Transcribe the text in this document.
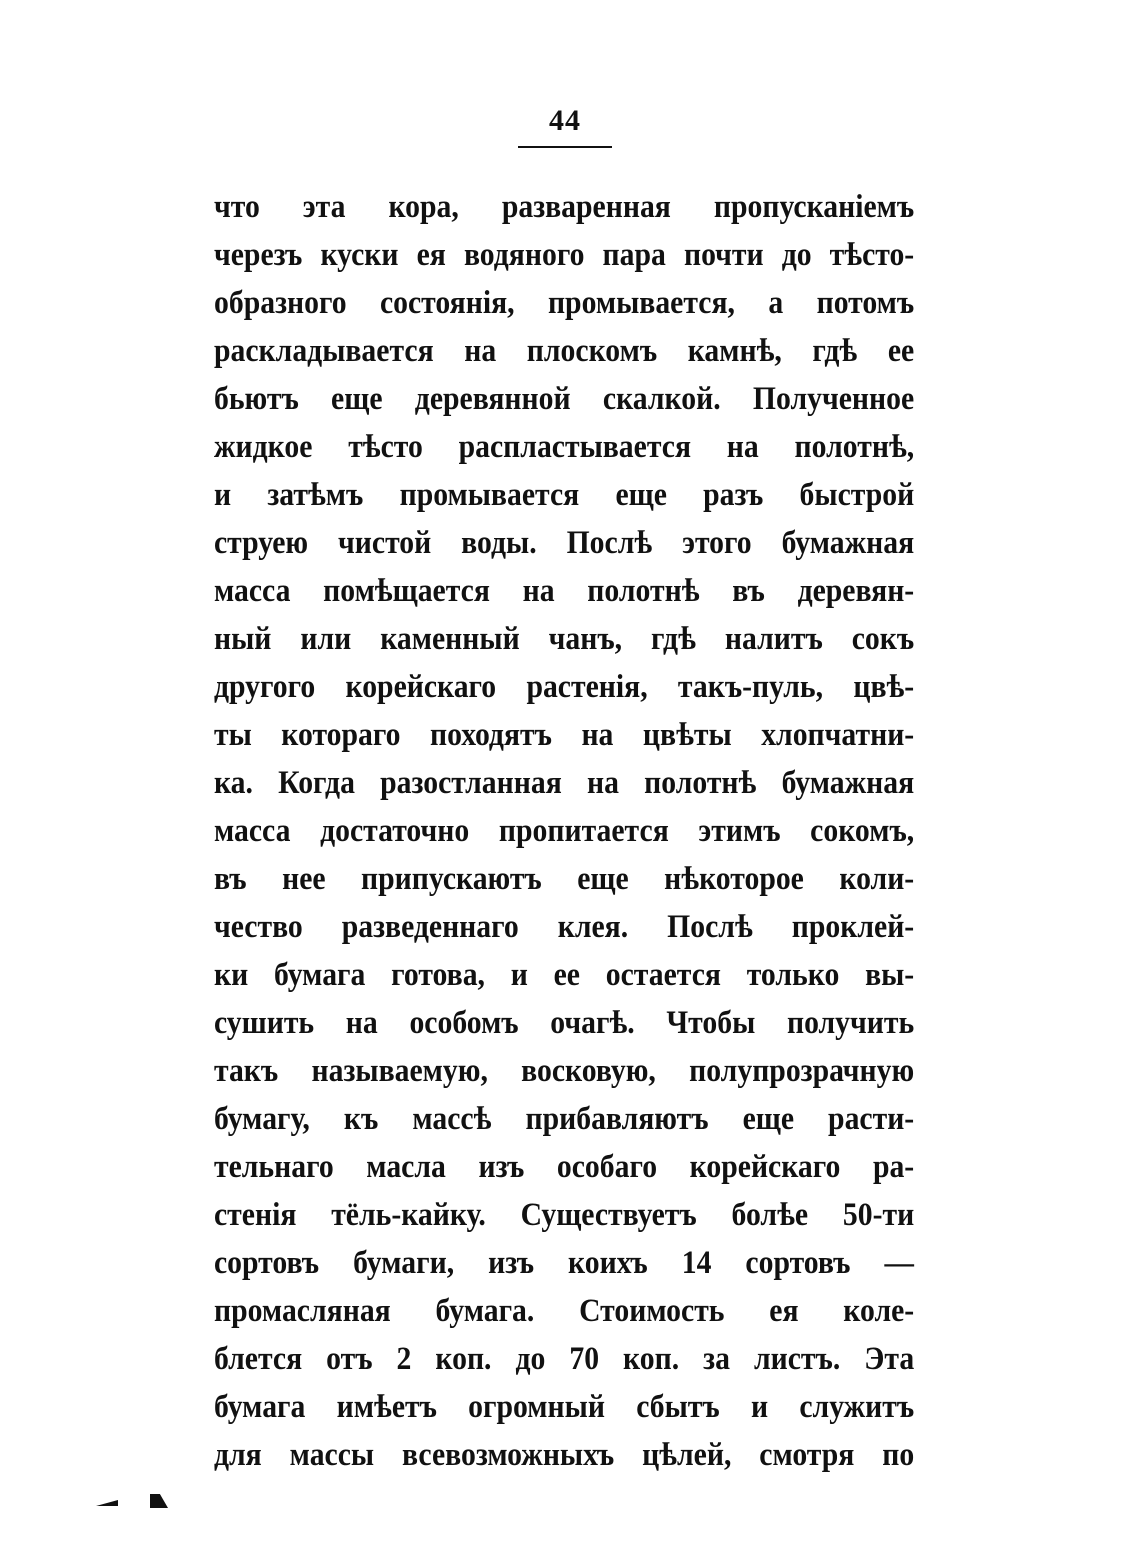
44
что эта кора, разваренная пропусканіемъ
черезъ куски ея водяного пара почти до тѣсто-
образного состоянія, промывается, а потомъ
раскладывается на плоскомъ камнѣ, гдѣ ее
бьютъ еще деревянной скалкой. Полученное
жидкое тѣсто распластывается на полотнѣ,
и затѣмъ промывается еще разъ быстрой
струею чистой воды. Послѣ этого бумажная
масса помѣщается на полотнѣ въ деревян-
ный или каменный чанъ, гдѣ налитъ сокъ
другого корейскаго растенія, такъ-пуль, цвѣ-
ты котораго походятъ на цвѣты хлопчатни-
ка. Когда разостланная на полотнѣ бумажная
масса достаточно пропитается этимъ сокомъ,
въ нее припускаютъ еще нѣкоторое коли-
чество разведеннаго клея. Послѣ проклей-
ки бумага готова, и ее остается только вы-
сушить на особомъ очагѣ. Чтобы получить
такъ называемую, восковую, полупрозрачную
бумагу, къ массѣ прибавляютъ еще расти-
тельнаго масла изъ особаго корейскаго ра-
стенія тёль-кайку. Существуетъ болѣе 50-ти
сортовъ бумаги, изъ коихъ 14 сортовъ —
промасляная бумага. Стоимость ея коле-
блется отъ 2 коп. до 70 коп. за листъ. Эта
бумага имѣетъ огромный сбытъ и служитъ
для массы всевозможныхъ цѣлей, смотря по
